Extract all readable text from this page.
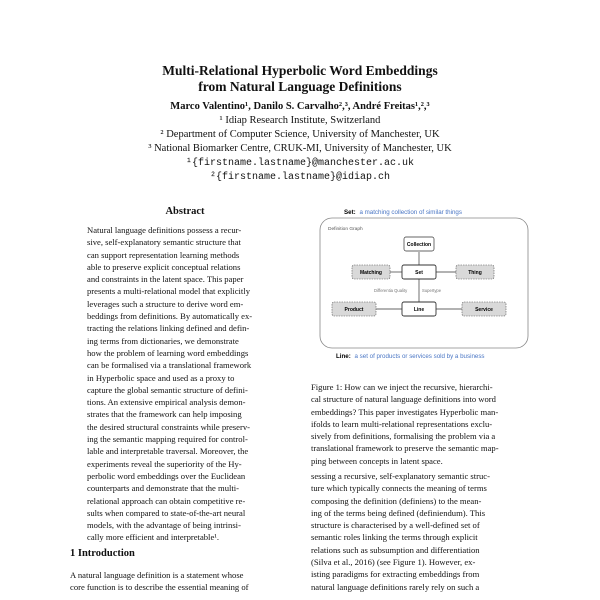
Multi-Relational Hyperbolic Word Embeddings
from Natural Language Definitions
Marco Valentino¹, Danilo S. Carvalho²,³, André Freitas¹,²,³
¹ Idiap Research Institute, Switzerland
² Department of Computer Science, University of Manchester, UK
³ National Biomarker Centre, CRUK-MI, University of Manchester, UK
¹{firstname.lastname}@manchester.ac.uk
²{firstname.lastname}@idiap.ch
Abstract
Natural language definitions possess a recur-
sive, self-explanatory semantic structure that
can support representation learning methods
able to preserve explicit conceptual relations
and constraints in the latent space. This paper
presents a multi-relational model that explicitly
leverages such a structure to derive word em-
beddings from definitions. By automatically ex-
tracting the relations linking defined and defin-
ing terms from dictionaries, we demonstrate
how the problem of learning word embeddings
can be formalised via a translational framework
in Hyperbolic space and used as a proxy to
capture the global semantic structure of defini-
tions. An extensive empirical analysis demon-
strates that the framework can help imposing
the desired structural constraints while preserv-
ing the semantic mapping required for control-
lable and interpretable traversal. Moreover, the
experiments reveal the superiority of the Hy-
perbolic word embeddings over the Euclidean
counterparts and demonstrate that the multi-
relational approach can obtain competitive re-
sults when compared to state-of-the-art neural
models, with the advantage of being intrinsi-
cally more efficient and interpretable¹.
1 Introduction
A natural language definition is a statement whose
core function is to describe the essential meaning of
Set: a matching collection of similar things
Definition Graph
Differentia Quality	Supertype
Collection
Matching	Set	Thing
Product	Line	Service
Line: a set of products or services sold by a business
Figure 1: How can we inject the recursive, hierarchi-
cal structure of natural language definitions into word
embeddings? This paper investigates Hyperbolic man-
ifolds to learn multi-relational representations exclu-
sively from definitions, formalising the problem via a
translational framework to preserve the semantic map-
ping between concepts in latent space.
sessing a recursive, self-explanatory semantic struc-
ture which typically connects the meaning of terms
composing the definition (definiens) to the mean-
ing of the terms being defined (definiendum). This
structure is characterised by a well-defined set of
semantic roles linking the terms through explicit
relations such as subsumption and differentiation
(Silva et al., 2016) (see Figure 1). However, ex-
isting paradigms for extracting embeddings from
natural language definitions rarely rely on such a
